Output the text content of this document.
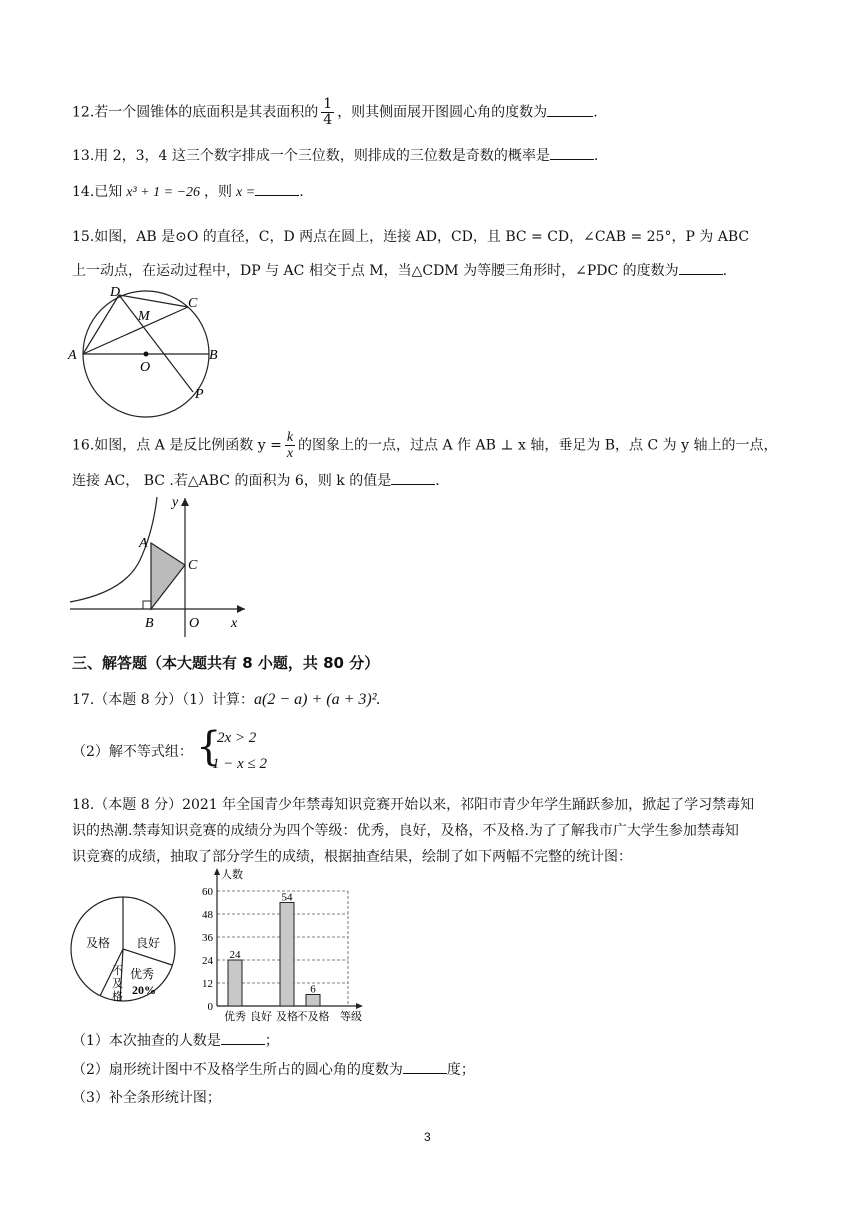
12.若一个圆锥体的底面积是其表面积的 $\frac{1}{4}$ ，则其侧面展开图圆心角的度数为	.
13.用 2，3，4 这三个数字排成一个三位数，则排成的三位数是奇数的概率是	.
14.已知 x³ + 1 = −26 ，则 x =	.
15.如图，AB 是⊙O 的直径，C，D 两点在圆上，连接 AD，CD，且 BC = CD，∠CAB = 25°，P 为 ABC
上一动点，在运动过程中，DP 与 AC 相交于点 M，当△CDM 为等腰三角形时，∠PDC 的度数为	.
D
C
M
A	B
O
P
16.如图，点 A 是反比例函数 $y = \frac{k}{x}$ 的图象上的一点，过点 A 作 AB ⊥ x 轴，垂足为 B，点 C 为 y 轴上的一点，
连接 AC， BC .若△ABC 的面积为 6，则 k 的值是	.
y
A
C
B	O x
三、解答题（本大题共有 8 小题，共 80 分）
17.（本题 8 分）（1）计算：a(2 − a) + (a + 3)².
（2）解不等式组： {
2x > 2
1 − x ≤ 2
18.（本题 8 分）2021 年全国青少年禁毒知识竞赛开始以来，祁阳市青少年学生踊跃参加，掀起了学习禁毒知
识的热潮.禁毒知识竞赛的成绩分为四个等级：优秀，良好，及格，不及格.为了了解我市广大学生参加禁毒知
识竞赛的成绩，抽取了部分学生的成绩，根据抽查结果，绘制了如下两幅不完整的统计图：
及格 良好
不
及
格
优秀
20%
0
12
24
36
48
60
人数
优秀 良好 及格
不及格 等级
24
54
6
（1）本次抽查的人数是	；
（2）扇形统计图中不及格学生所占的圆心角的度数为	度；
（3）补全条形统计图；
3
